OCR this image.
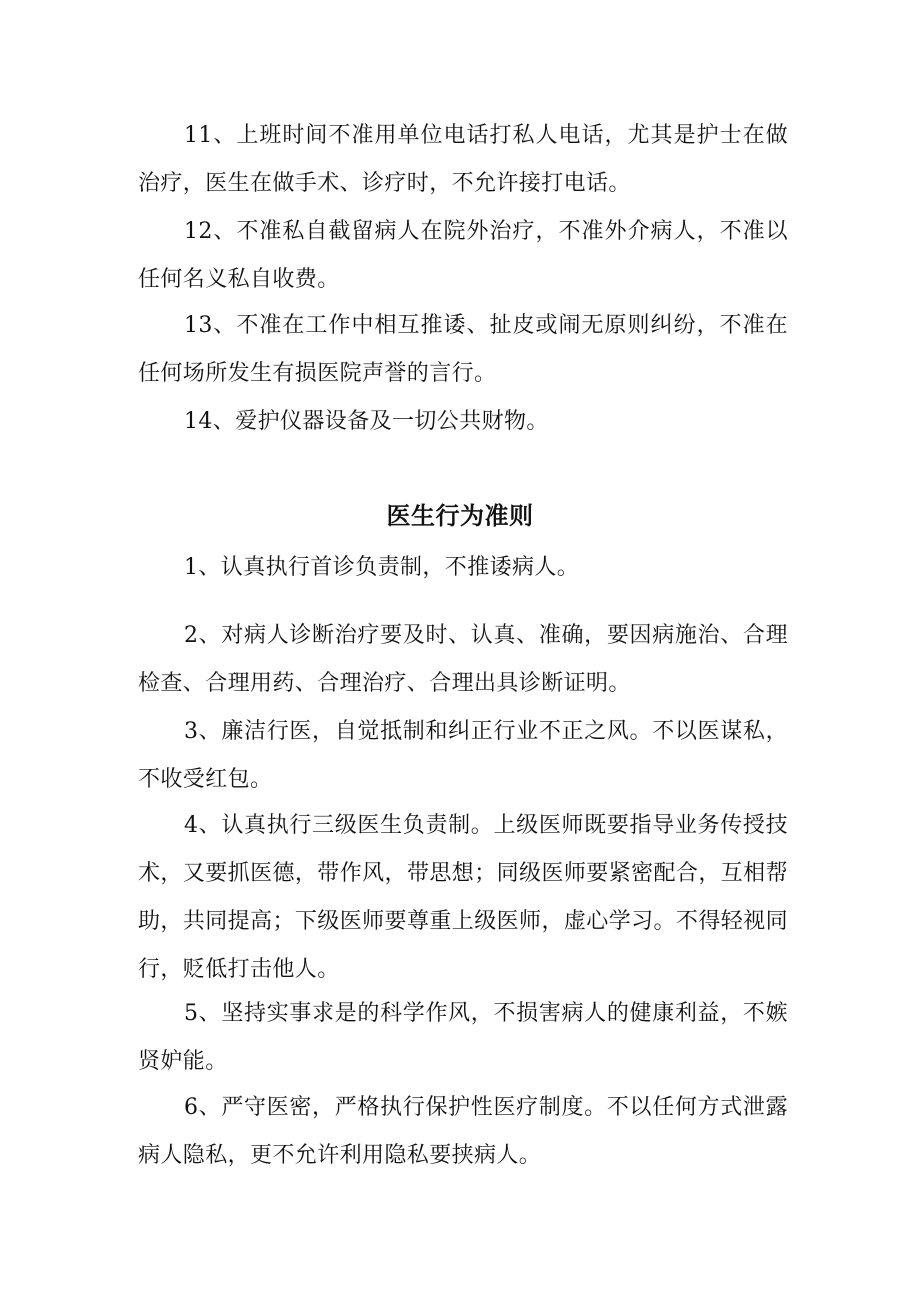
11、上班时间不准用单位电话打私人电话，尤其是护士在做治疗，医生在做手术、诊疗时，不允许接打电话。

12、不准私自截留病人在院外治疗，不准外介病人，不准以任何名义私自收费。

13、不准在工作中相互推诿、扯皮或闹无原则纠纷，不准在任何场所发生有损医院声誉的言行。

14、爱护仪器设备及一切公共财物。

医生行为准则

1、认真执行首诊负责制，不推诿病人。

2、对病人诊断治疗要及时、认真、准确，要因病施治、合理检查、合理用药、合理治疗、合理出具诊断证明。

3、廉洁行医，自觉抵制和纠正行业不正之风。不以医谋私，不收受红包。

4、认真执行三级医生负责制。上级医师既要指导业务传授技术，又要抓医德，带作风，带思想；同级医师要紧密配合，互相帮助，共同提高；下级医师要尊重上级医师，虚心学习。不得轻视同行，贬低打击他人。

5、坚持实事求是的科学作风，不损害病人的健康利益，不嫉贤妒能。

6、严守医密，严格执行保护性医疗制度。不以任何方式泄露病人隐私，更不允许利用隐私要挟病人。
